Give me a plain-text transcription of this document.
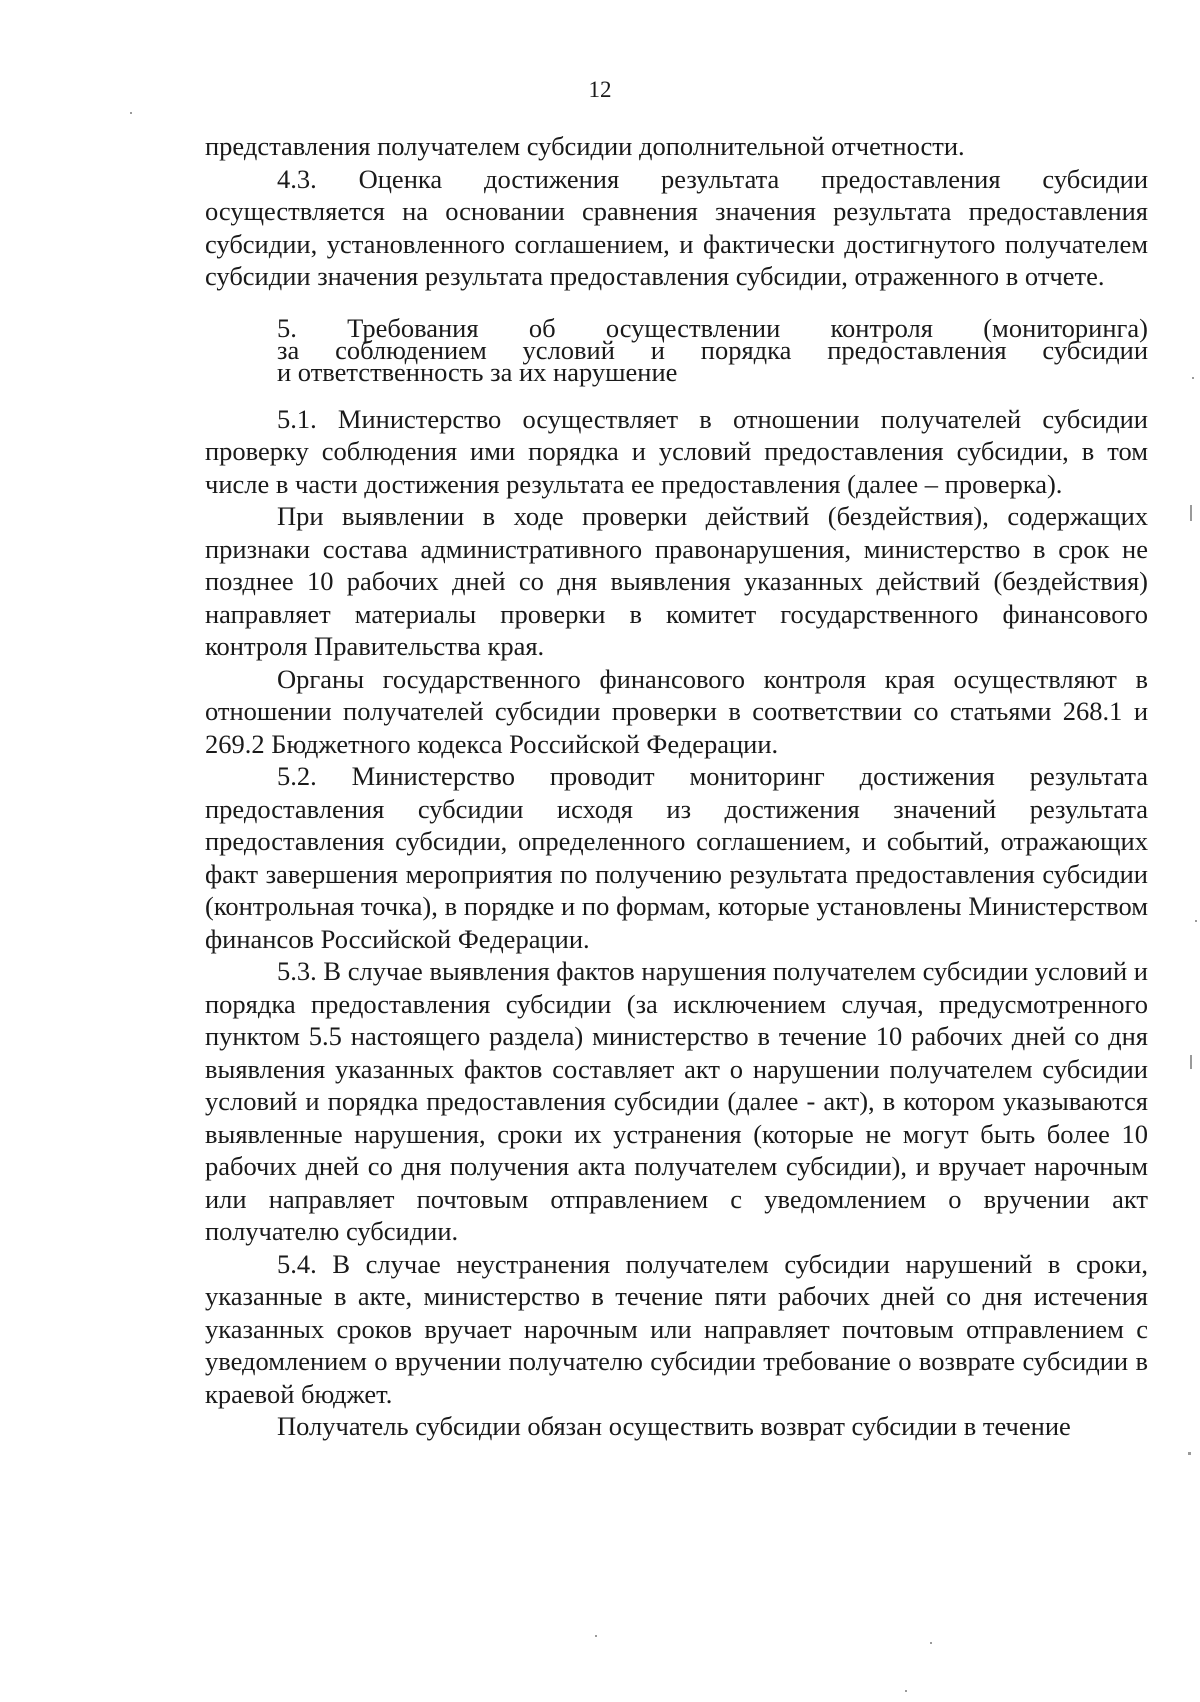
12

представления получателем субсидии дополнительной отчетности.

4.3. Оценка достижения результата предоставления субсидии осуществляется на основании сравнения значения результата предоставления субсидии, установленного соглашением, и фактически достигнутого получателем субсидии значения результата предоставления субсидии, отраженного в отчете.

5. Требования об осуществлении контроля (мониторинга)
за соблюдением условий и порядка предоставления субсидии
и ответственность за их нарушение

5.1. Министерство осуществляет в отношении получателей субсидии проверку соблюдения ими порядка и условий предоставления субсидии, в том числе в части достижения результата ее предоставления (далее – проверка).

При выявлении в ходе проверки действий (бездействия), содержащих признаки состава административного правонарушения, министерство в срок не позднее 10 рабочих дней со дня выявления указанных действий (бездействия) направляет материалы проверки в комитет государственного финансового контроля Правительства края.

Органы государственного финансового контроля края осуществляют в отношении получателей субсидии проверки в соответствии со статьями 268.1 и 269.2 Бюджетного кодекса Российской Федерации.

5.2. Министерство проводит мониторинг достижения результата предоставления субсидии исходя из достижения значений результата предоставления субсидии, определенного соглашением, и событий, отражающих факт завершения мероприятия по получению результата предоставления субсидии (контрольная точка), в порядке и по формам, которые установлены Министерством финансов Российской Федерации.

5.3. В случае выявления фактов нарушения получателем субсидии условий и порядка предоставления субсидии (за исключением случая, предусмотренного пунктом 5.5 настоящего раздела) министерство в течение 10 рабочих дней со дня выявления указанных фактов составляет акт о нарушении получателем субсидии условий и порядка предоставления субсидии (далее - акт), в котором указываются выявленные нарушения, сроки их устранения (которые не могут быть более 10 рабочих дней со дня получения акта получателем субсидии), и вручает нарочным или направляет почтовым отправлением с уведомлением о вручении акт получателю субсидии.

5.4. В случае неустранения получателем субсидии нарушений в сроки, указанные в акте, министерство в течение пяти рабочих дней со дня истечения указанных сроков вручает нарочным или направляет почтовым отправлением с уведомлением о вручении получателю субсидии требование о возврате субсидии в краевой бюджет.

Получатель субсидии обязан осуществить возврат субсидии в течение
